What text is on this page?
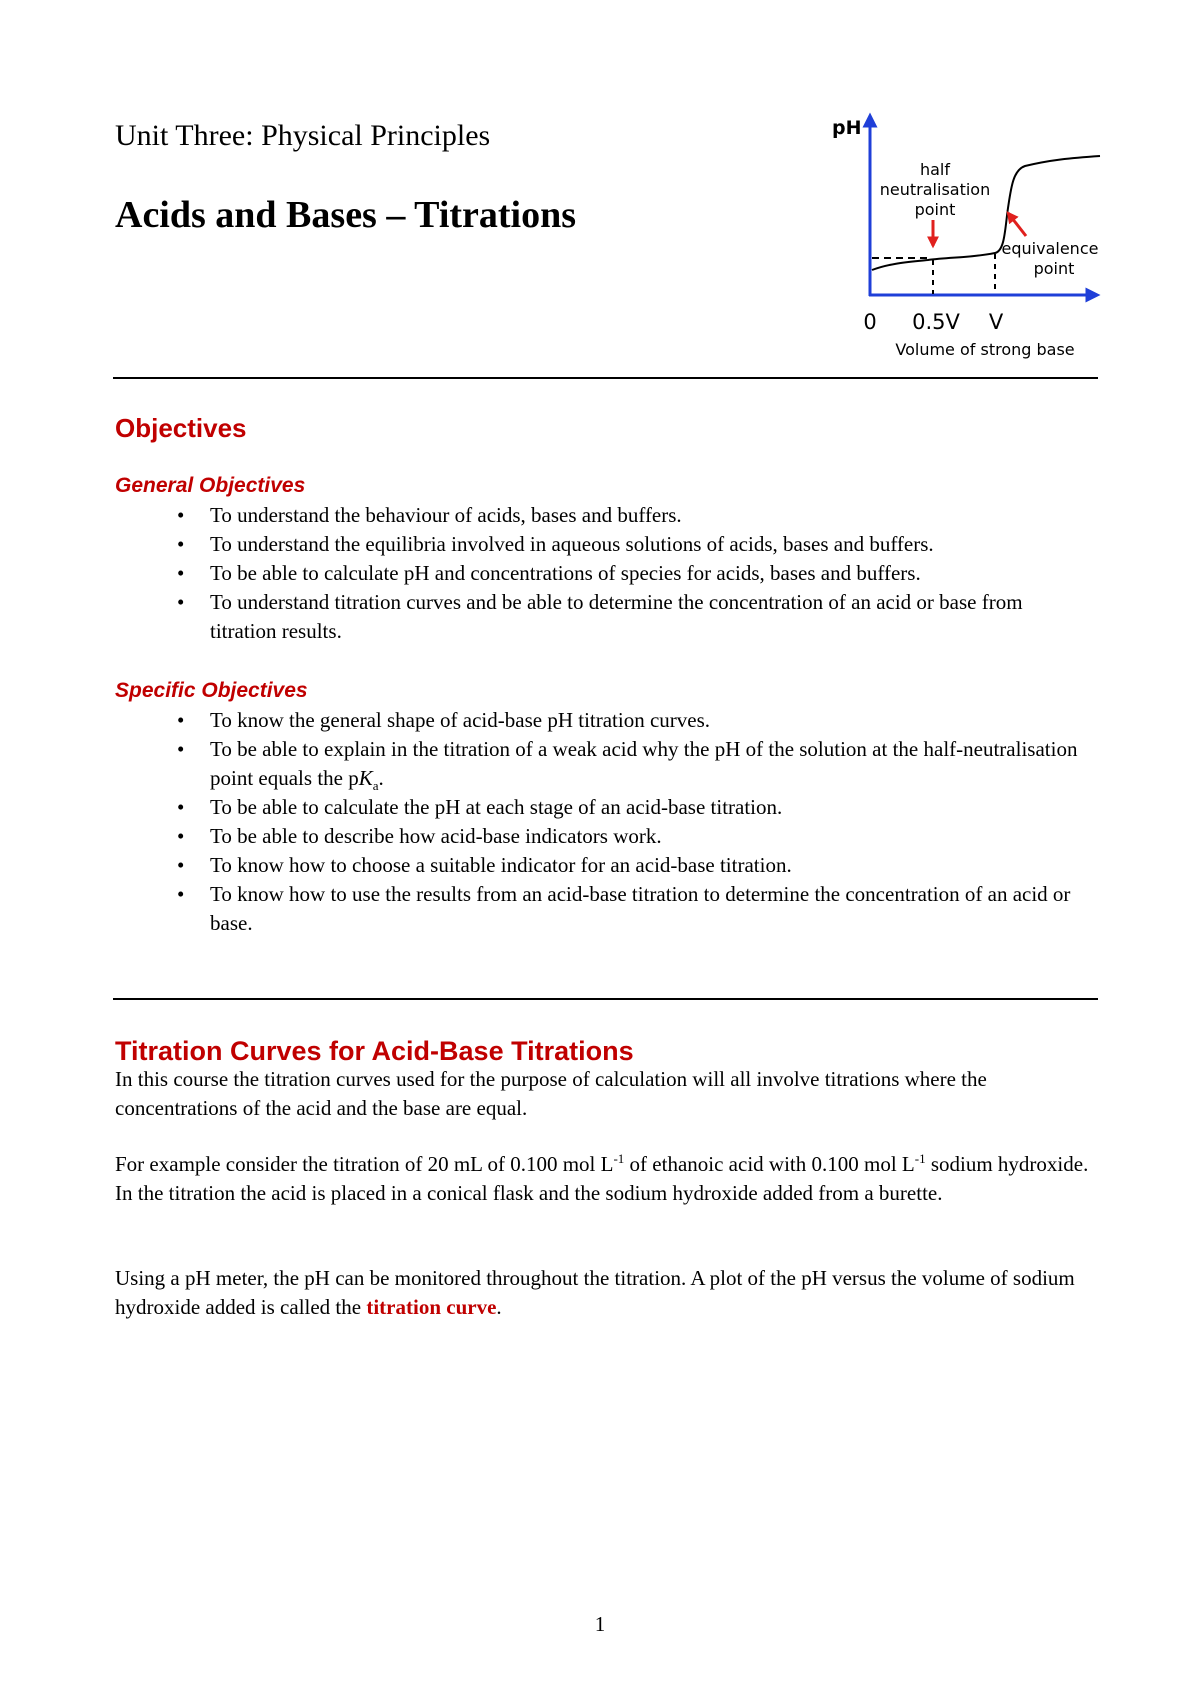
Unit Three: Physical Principles
Acids and Bases – Titrations
pH
half
neutralisation
point
equivalence
point
0 0.5V V
Volume of strong base
Objectives
General Objectives
• To understand the behaviour of acids, bases and buffers.
• To understand the equilibria involved in aqueous solutions of acids, bases and buffers.
• To be able to calculate pH and concentrations of species for acids, bases and buffers.
• To understand titration curves and be able to determine the concentration of an acid or base from titration results.
Specific Objectives
• To know the general shape of acid-base pH titration curves.
• To be able to explain in the titration of a weak acid why the pH of the solution at the half-neutralisation point equals the $pK_a$.
• To be able to calculate the pH at each stage of an acid-base titration.
• To be able to describe how acid-base indicators work.
• To know how to choose a suitable indicator for an acid-base titration.
• To know how to use the results from an acid-base titration to determine the concentration of an acid or base.
Titration Curves for Acid-Base Titrations

In this course the titration curves used for the purpose of calculation will all involve titrations where the concentrations of the acid and the base are equal.

For example consider the titration of 20 mL of 0.100 mol $L^{-1}$ of ethanoic acid with 0.100 mol $L^{-1}$ sodium hydroxide. In the titration the acid is placed in a conical flask and the sodium hydroxide added from a burette.

Using a pH meter, the pH can be monitored throughout the titration. A plot of the pH versus the volume of sodium hydroxide added is called the titration curve.

1
